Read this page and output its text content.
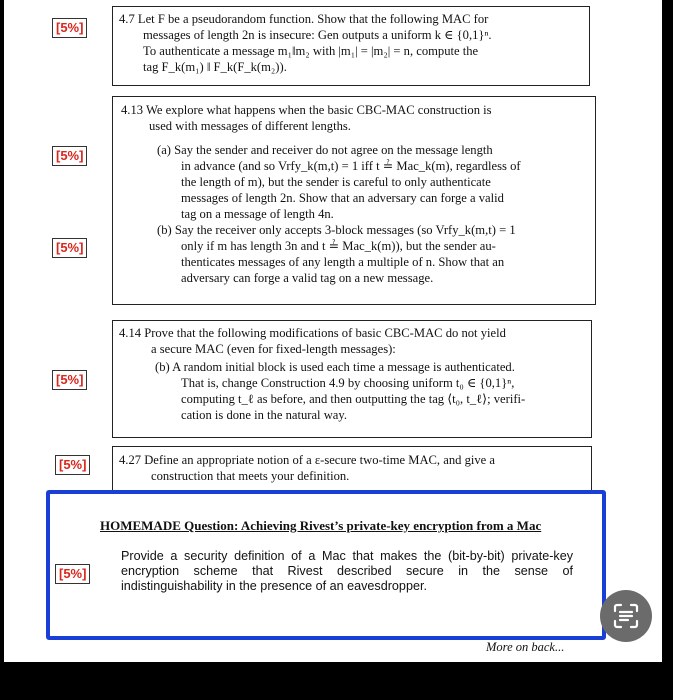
[5%]
[5%]
[5%]
[5%]
[5%]
[5%]

4.7 Let F be a pseudorandom function. Show that the following MAC for

messages of length 2n is insecure: Gen outputs a uniform k ∈ {0,1}ⁿ.

To authenticate a message m₁‖m₂ with |m₁| = |m₂| = n, compute the

tag F_k(m₁) ‖ F_k(F_k(m₂)).

4.13 We explore what happens when the basic CBC-MAC construction is

used with messages of different lengths.

(a) Say the sender and receiver do not agree on the message length

in advance (and so Vrfy_k(m,t) = 1 iff t ≟ Mac_k(m), regardless of

the length of m), but the sender is careful to only authenticate

messages of length 2n. Show that an adversary can forge a valid

tag on a message of length 4n.

(b) Say the receiver only accepts 3-block messages (so Vrfy_k(m,t) = 1

only if m has length 3n and t ≟ Mac_k(m)), but the sender au-

thenticates messages of any length a multiple of n. Show that an

adversary can forge a valid tag on a new message.

4.14 Prove that the following modifications of basic CBC-MAC do not yield

a secure MAC (even for fixed-length messages):

(b) A random initial block is used each time a message is authenticated.

That is, change Construction 4.9 by choosing uniform t₀ ∈ {0,1}ⁿ,

computing t_ℓ as before, and then outputting the tag ⟨t₀, t_ℓ⟩; verifi-

cation is done in the natural way.

4.27 Define an appropriate notion of a ε-secure two-time MAC, and give a

construction that meets your definition.

HOMEMADE Question: Achieving Rivest’s private-key encryption from a Mac
Provide a security definition of a Mac that makes the (bit-by-bit) private-key encryption scheme that Rivest described secure in the sense of indistinguishability in the presence of an eavesdropper.
More on back...
